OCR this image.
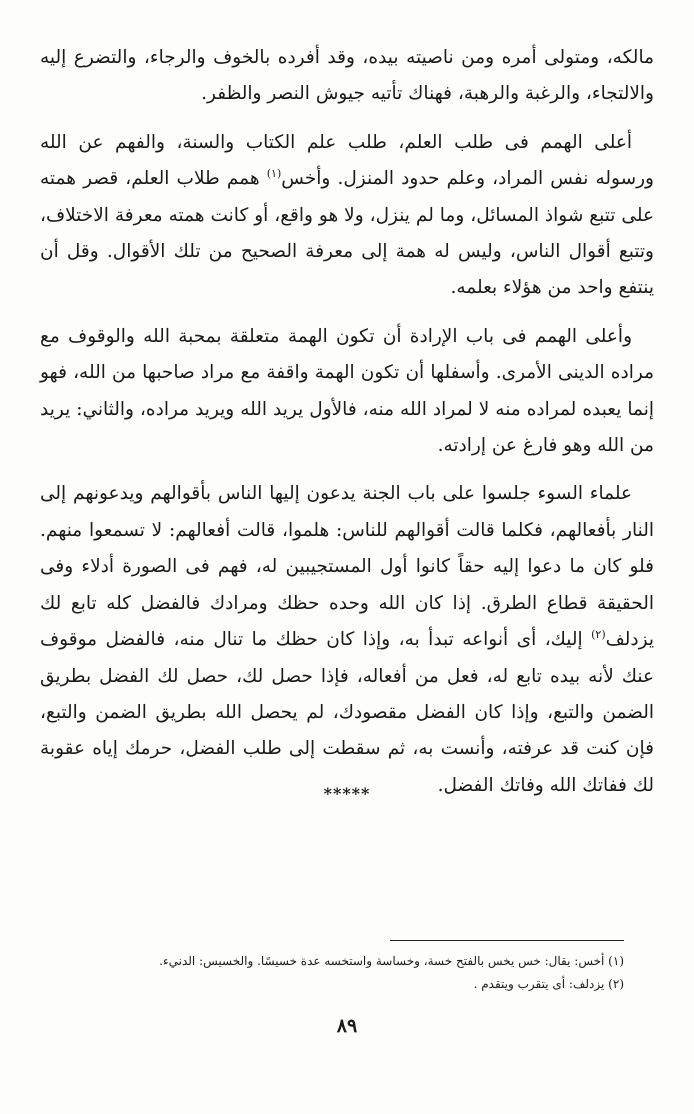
مالكه، ومتولى أمره ومن ناصيته بيده، وقد أفرده بالخوف والرجاء، والتضرع إليه والالتجاء، والرغبة والرهبة، فهناك تأتيه جيوش النصر والظفر.

أعلى الهمم فى طلب العلم، طلب علم الكتاب والسنة، والفهم عن الله ورسوله نفس المراد، وعلم حدود المنزل. وأخس$^{(١)}$ همم طلاب العلم، قصر همته على تتبع شواذ المسائل، وما لم ينزل، ولا هو واقع، أو كانت همته معرفة الاختلاف، وتتبع أقوال الناس، وليس له همة إلى معرفة الصحيح من تلك الأقوال. وقل أن ينتفع واحد من هؤلاء بعلمه.

وأعلى الهمم فى باب الإرادة أن تكون الهمة متعلقة بمحبة الله والوقوف مع مراده الدينى الأمرى. وأسفلها أن تكون الهمة واقفة مع مراد صاحبها من الله، فهو إنما يعبده لمراده منه لا لمراد الله منه، فالأول يريد الله ويريد مراده، والثاني: يريد من الله وهو فارغ عن إرادته.

علماء السوء جلسوا على باب الجنة يدعون إليها الناس بأقوالهم ويدعونهم إلى النار بأفعالهم، فكلما قالت أقوالهم للناس: هلموا، قالت أفعالهم: لا تسمعوا منهم. فلو كان ما دعوا إليه حقاً كانوا أول المستجيبين له، فهم فى الصورة أدلاء وفى الحقيقة قطاع الطرق. إذا كان الله وحده حظك ومرادك فالفضل كله تابع لك يزدلف$^{(٢)}$ إليك، أى أنواعه تبدأ به، وإذا كان حظك ما تنال منه، فالفضل موقوف عنك لأنه بيده تابع له، فعل من أفعاله، فإذا حصل لك، حصل لك الفضل بطريق الضمن والتبع، وإذا كان الفضل مقصودك، لم يحصل الله بطريق الضمن والتبع، فإن كنت قد عرفته، وأنست به، ثم سقطت إلى طلب الفضل، حرمك إياه عقوبة لك ففاتك الله وفاتك الفضل.

*****

(١) أخس: يقال: خس يخس بالفتح خسة، وخساسة واستخسه عدة خسيسًا. والخسيس: الدنيء.

(٢) يزدلف: أى يتقرب ويتقدم .

٨٩
